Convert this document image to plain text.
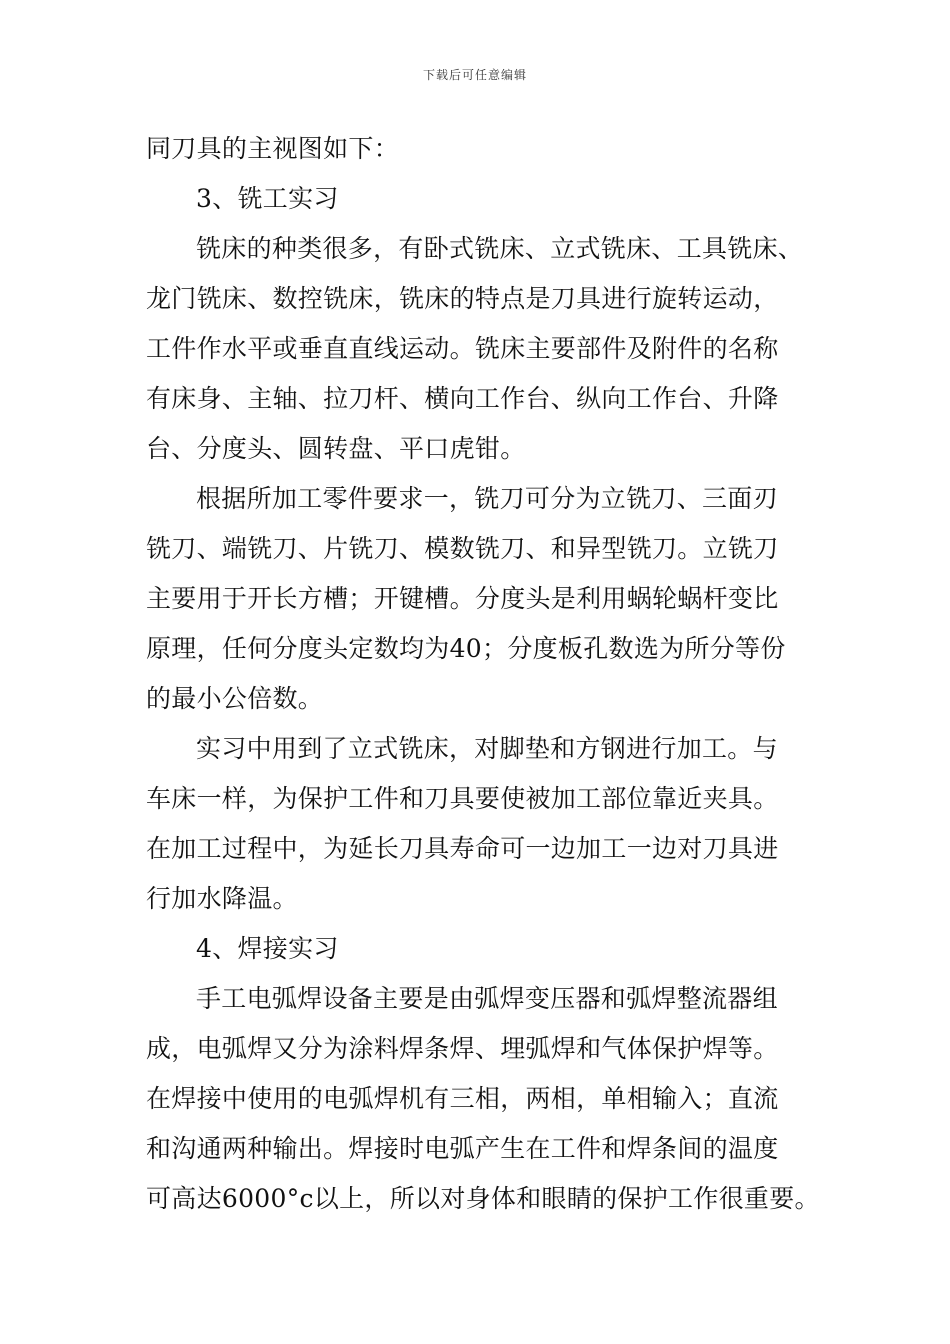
下载后可任意编辑
同刀具的主视图如下：
3、铣工实习
铣床的种类很多，有卧式铣床、立式铣床、工具铣床、
龙门铣床、数控铣床，铣床的特点是刀具进行旋转运动，
工件作水平或垂直直线运动。铣床主要部件及附件的名称
有床身、主轴、拉刀杆、横向工作台、纵向工作台、升降
台、分度头、圆转盘、平口虎钳。
根据所加工零件要求一，铣刀可分为立铣刀、三面刃
铣刀、端铣刀、片铣刀、模数铣刀、和异型铣刀。立铣刀
主要用于开长方槽；开键槽。分度头是利用蜗轮蜗杆变比
原理，任何分度头定数均为40；分度板孔数选为所分等份
的最小公倍数。
实习中用到了立式铣床，对脚垫和方钢进行加工。与
车床一样，为保护工件和刀具要使被加工部位靠近夹具。
在加工过程中，为延长刀具寿命可一边加工一边对刀具进
行加水降温。
4、焊接实习
手工电弧焊设备主要是由弧焊变压器和弧焊整流器组
成，电弧焊又分为涂料焊条焊、埋弧焊和气体保护焊等。
在焊接中使用的电弧焊机有三相，两相，单相输入；直流
和沟通两种输出。焊接时电弧产生在工件和焊条间的温度
可高达6000°c以上，所以对身体和眼睛的保护工作很重要。
